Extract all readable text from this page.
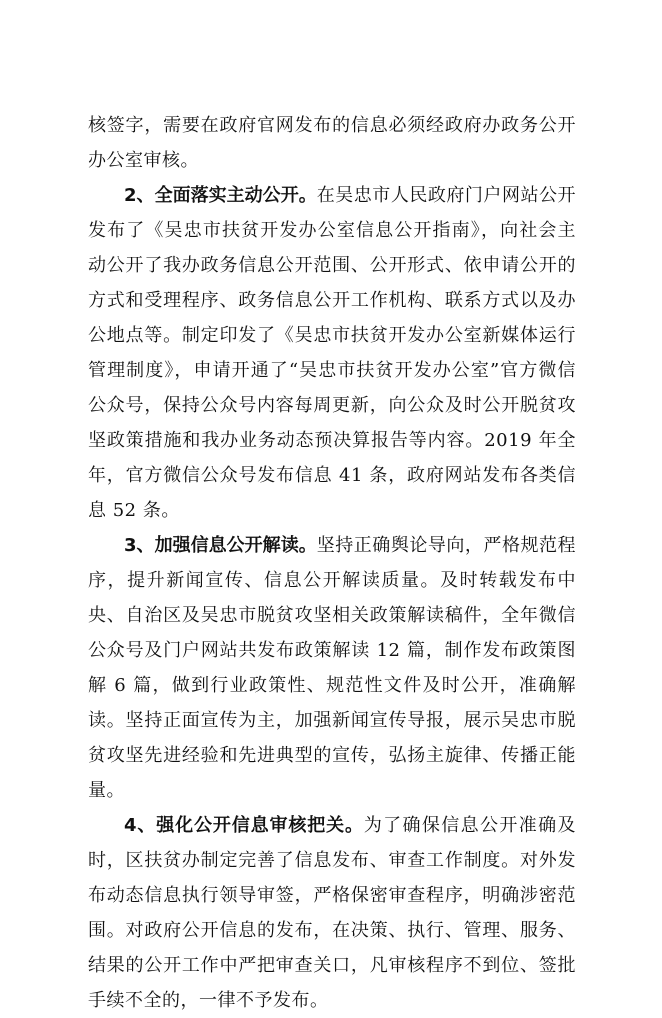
核签字，需要在政府官网发布的信息必须经政府办政务公开办公室审核。

2、全面落实主动公开。在吴忠市人民政府门户网站公开发布了《吴忠市扶贫开发办公室信息公开指南》，向社会主动公开了我办政务信息公开范围、公开形式、依申请公开的方式和受理程序、政务信息公开工作机构、联系方式以及办公地点等。制定印发了《吴忠市扶贫开发办公室新媒体运行管理制度》，申请开通了“吴忠市扶贫开发办公室”官方微信公众号，保持公众号内容每周更新，向公众及时公开脱贫攻坚政策措施和我办业务动态预决算报告等内容。2019 年全年，官方微信公众号发布信息 41 条，政府网站发布各类信息 52 条。

3、加强信息公开解读。坚持正确舆论导向，严格规范程序，提升新闻宣传、信息公开解读质量。及时转载发布中央、自治区及吴忠市脱贫攻坚相关政策解读稿件，全年微信公众号及门户网站共发布政策解读 12 篇，制作发布政策图解 6 篇，做到行业政策性、规范性文件及时公开，准确解读。坚持正面宣传为主，加强新闻宣传导报，展示吴忠市脱贫攻坚先进经验和先进典型的宣传，弘扬主旋律、传播正能量。

4、强化公开信息审核把关。为了确保信息公开准确及时，区扶贫办制定完善了信息发布、审查工作制度。对外发布动态信息执行领导审签，严格保密审查程序，明确涉密范围。对政府公开信息的发布，在决策、执行、管理、服务、结果的公开工作中严把审查关口，凡审核程序不到位、签批手续不全的，一律不予发布。
